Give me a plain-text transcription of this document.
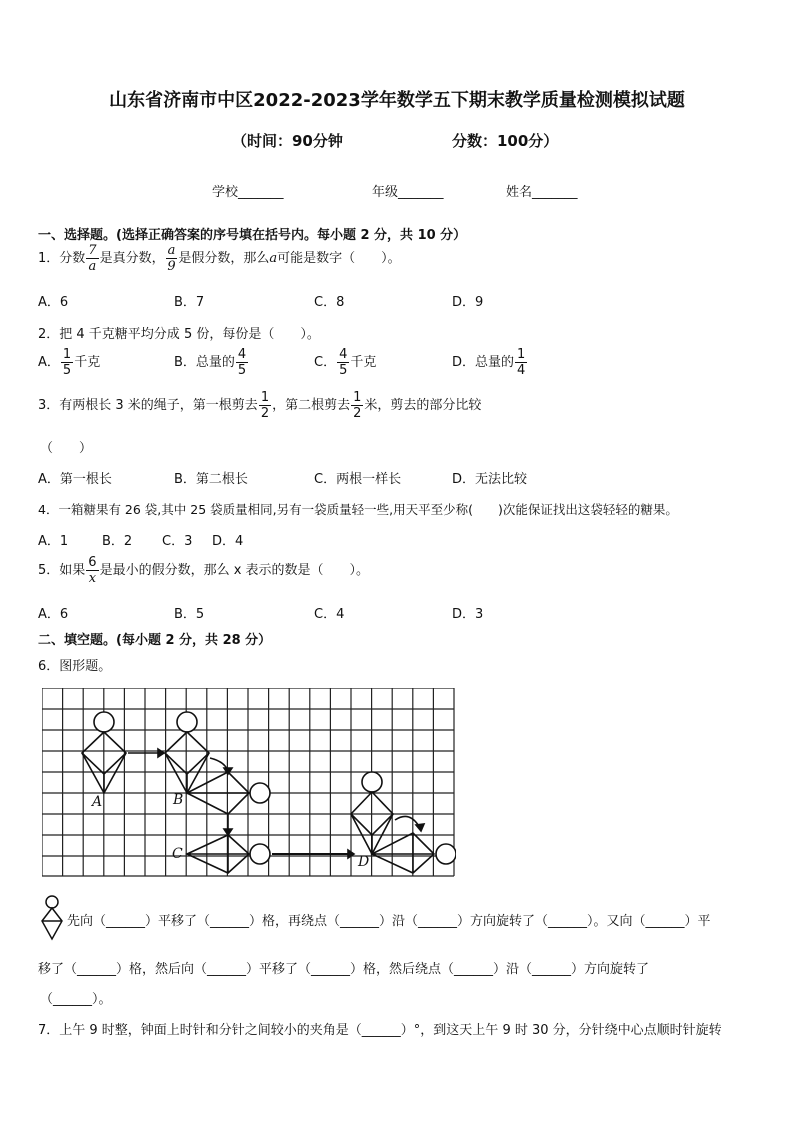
山东省济南市中区2022-2023学年数学五下期末教学质量检测模拟试题
（时间：90分钟	分数：100分）
学校_______	年级_______	姓名_______
一、选择题。(选择正确答案的序号填在括号内。每小题 2 分，共 10 分）
1．分数 $\frac{7}{a}$ 是真分数， $\frac{a}{9}$ 是假分数，那么a可能是数字（　　）。
A．6	B．7	C．8	D．9
2．把 4 千克糖平均分成 5 份，每份是（　　）。
A． $\frac{1}{5}$ 千克	B．总量的 $\frac{4}{5}$	C． $\frac{4}{5}$ 千克	D．总量的 $\frac{1}{4}$
3．有两根长 3 米的绳子，第一根剪去 $\frac{1}{2}$ ，第二根剪去 $\frac{1}{2}$ 米，剪去的部分比较
（　　）
A．第一根长	B．第二根长	C．两根一样长	D．无法比较
4．一箱糖果有 26 袋,其中 25 袋质量相同,另有一袋质量轻一些,用天平至少称(　　)次能保证找出这袋轻轻的糖果。
A．1	B．2 C．3 D．4
5．如果 $\frac{6}{x}$ 是最小的假分数，那么 x 表示的数是（　　）。
A．6	B．5	C．4	D．3
二、填空题。(每小题 2 分，共 28 分）
6．图形题。
A	B
C	D
先向（______）平移了（______）格，再绕点（______）沿（______）方向旋转了（______）。又向（______）平
移了（______）格，然后向（______）平移了（______）格，然后绕点（______）沿（______）方向旋转了
（______）。
7．上午 9 时整，钟面上时针和分针之间较小的夹角是（______）°，到这天上午 9 时 30 分，分针绕中心点顺时针旋转
